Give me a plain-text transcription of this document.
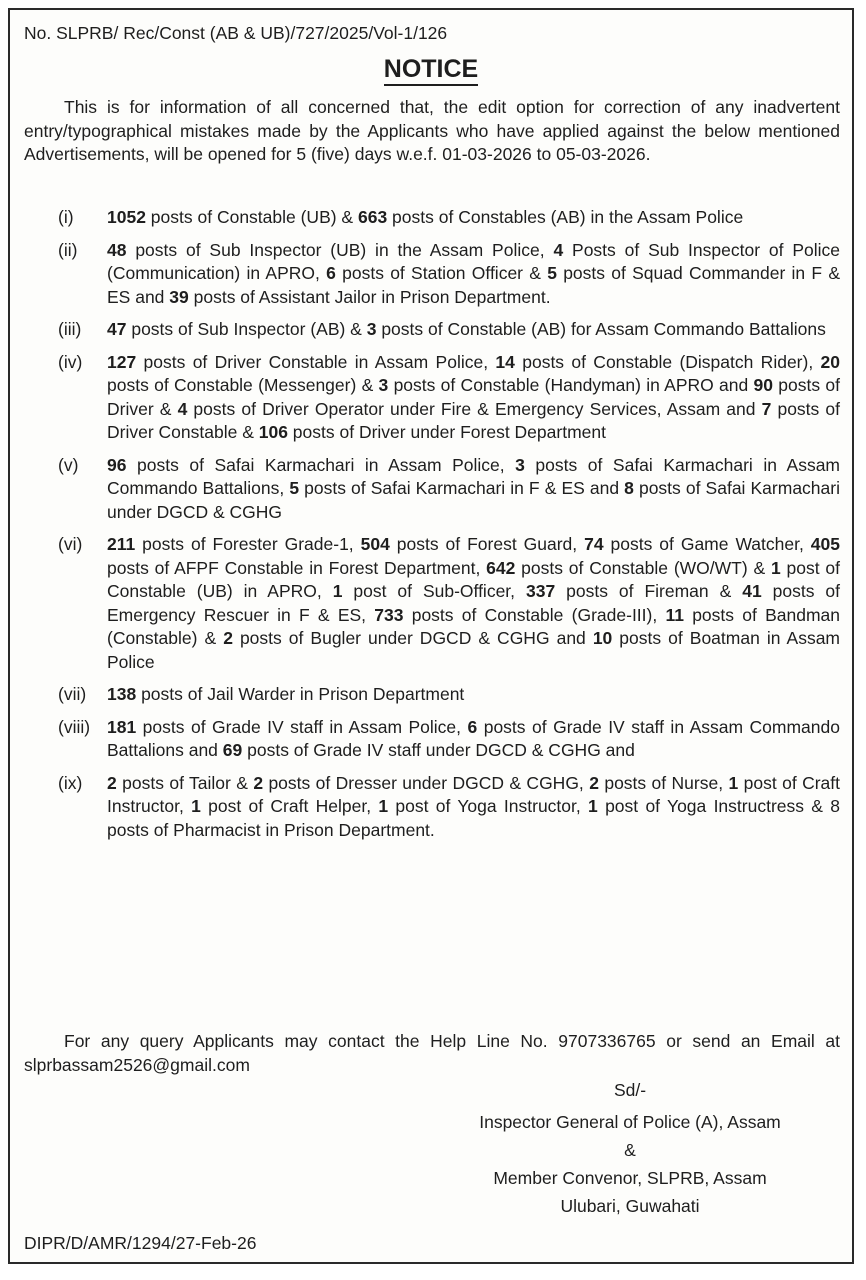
No. SLPRB/ Rec/Const (AB & UB)/727/2025/Vol-1/126
NOTICE
This is for information of all concerned that, the edit option for correction of any inadvertent entry/typographical mistakes made by the Applicants who have applied against the below mentioned Advertisements, will be opened for 5 (five) days w.e.f. 01-03-2026 to 05-03-2026.
(i) 1052 posts of Constable (UB) & 663 posts of Constables (AB) in the Assam Police
(ii) 48 posts of Sub Inspector (UB) in the Assam Police, 4 Posts of Sub Inspector of Police (Communication) in APRO, 6 posts of Station Officer & 5 posts of Squad Commander in F & ES and 39 posts of Assistant Jailor in Prison Department.
(iii) 47 posts of Sub Inspector (AB) & 3 posts of Constable (AB) for Assam Commando Battalions
(iv) 127 posts of Driver Constable in Assam Police, 14 posts of Constable (Dispatch Rider), 20 posts of Constable (Messenger) & 3 posts of Constable (Handyman) in APRO and 90 posts of Driver & 4 posts of Driver Operator under Fire & Emergency Services, Assam and 7 posts of Driver Constable & 106 posts of Driver under Forest Department
(v) 96 posts of Safai Karmachari in Assam Police, 3 posts of Safai Karmachari in Assam Commando Battalions, 5 posts of Safai Karmachari in F & ES and 8 posts of Safai Karmachari under DGCD & CGHG
(vi) 211 posts of Forester Grade-1, 504 posts of Forest Guard, 74 posts of Game Watcher, 405 posts of AFPF Constable in Forest Department, 642 posts of Constable (WO/WT) & 1 post of Constable (UB) in APRO, 1 post of Sub-Officer, 337 posts of Fireman & 41 posts of Emergency Rescuer in F & ES, 733 posts of Constable (Grade-III), 11 posts of Bandman (Constable) & 2 posts of Bugler under DGCD & CGHG and 10 posts of Boatman in Assam Police
(vii) 138 posts of Jail Warder in Prison Department
(viii) 181 posts of Grade IV staff in Assam Police, 6 posts of Grade IV staff in Assam Commando Battalions and 69 posts of Grade IV staff under DGCD & CGHG and
(ix) 2 posts of Tailor & 2 posts of Dresser under DGCD & CGHG, 2 posts of Nurse, 1 post of Craft Instructor, 1 post of Craft Helper, 1 post of Yoga Instructor, 1 post of Yoga Instructress & 8 posts of Pharmacist in Prison Department.
For any query Applicants may contact the Help Line No. 9707336765 or send an Email at slprbassam2526@gmail.com
Sd/-
Inspector General of Police (A), Assam
&
Member Convenor, SLPRB, Assam
Ulubari, Guwahati
DIPR/D/AMR/1294/27-Feb-26
